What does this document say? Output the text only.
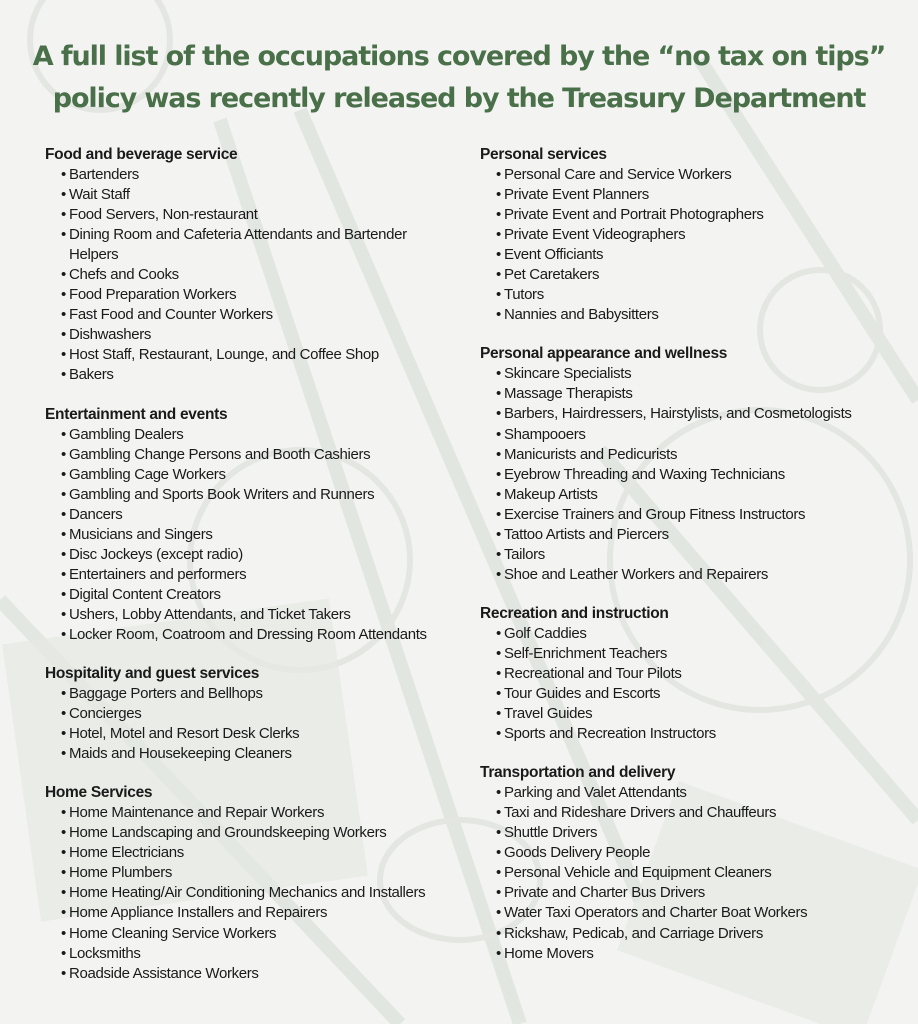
A full list of the occupations covered by the “no tax on tips”
policy was recently released by the Treasury Department
Food and beverage service
• Bartenders
• Wait Staff
• Food Servers, Non-restaurant
• Dining Room and Cafeteria Attendants and Bartender Helpers
• Chefs and Cooks
• Food Preparation Workers
• Fast Food and Counter Workers
• Dishwashers
• Host Staff, Restaurant, Lounge, and Coffee Shop
• Bakers
Entertainment and events
• Gambling Dealers
• Gambling Change Persons and Booth Cashiers
• Gambling Cage Workers
• Gambling and Sports Book Writers and Runners
• Dancers
• Musicians and Singers
• Disc Jockeys (except radio)
• Entertainers and performers
• Digital Content Creators
• Ushers, Lobby Attendants, and Ticket Takers
• Locker Room, Coatroom and Dressing Room Attendants
Hospitality and guest services
• Baggage Porters and Bellhops
• Concierges
• Hotel, Motel and Resort Desk Clerks
• Maids and Housekeeping Cleaners
Home Services
• Home Maintenance and Repair Workers
• Home Landscaping and Groundskeeping Workers
• Home Electricians
• Home Plumbers
• Home Heating/Air Conditioning Mechanics and Installers
• Home Appliance Installers and Repairers
• Home Cleaning Service Workers
• Locksmiths
• Roadside Assistance Workers
Personal services
• Personal Care and Service Workers
• Private Event Planners
• Private Event and Portrait Photographers
• Private Event Videographers
• Event Officiants
• Pet Caretakers
• Tutors
• Nannies and Babysitters
Personal appearance and wellness
• Skincare Specialists
• Massage Therapists
• Barbers, Hairdressers, Hairstylists, and Cosmetologists
• Shampooers
• Manicurists and Pedicurists
• Eyebrow Threading and Waxing Technicians
• Makeup Artists
• Exercise Trainers and Group Fitness Instructors
• Tattoo Artists and Piercers
• Tailors
• Shoe and Leather Workers and Repairers
Recreation and instruction
• Golf Caddies
• Self-Enrichment Teachers
• Recreational and Tour Pilots
• Tour Guides and Escorts
• Travel Guides
• Sports and Recreation Instructors
Transportation and delivery
• Parking and Valet Attendants
• Taxi and Rideshare Drivers and Chauffeurs
• Shuttle Drivers
• Goods Delivery People
• Personal Vehicle and Equipment Cleaners
• Private and Charter Bus Drivers
• Water Taxi Operators and Charter Boat Workers
• Rickshaw, Pedicab, and Carriage Drivers
• Home Movers
